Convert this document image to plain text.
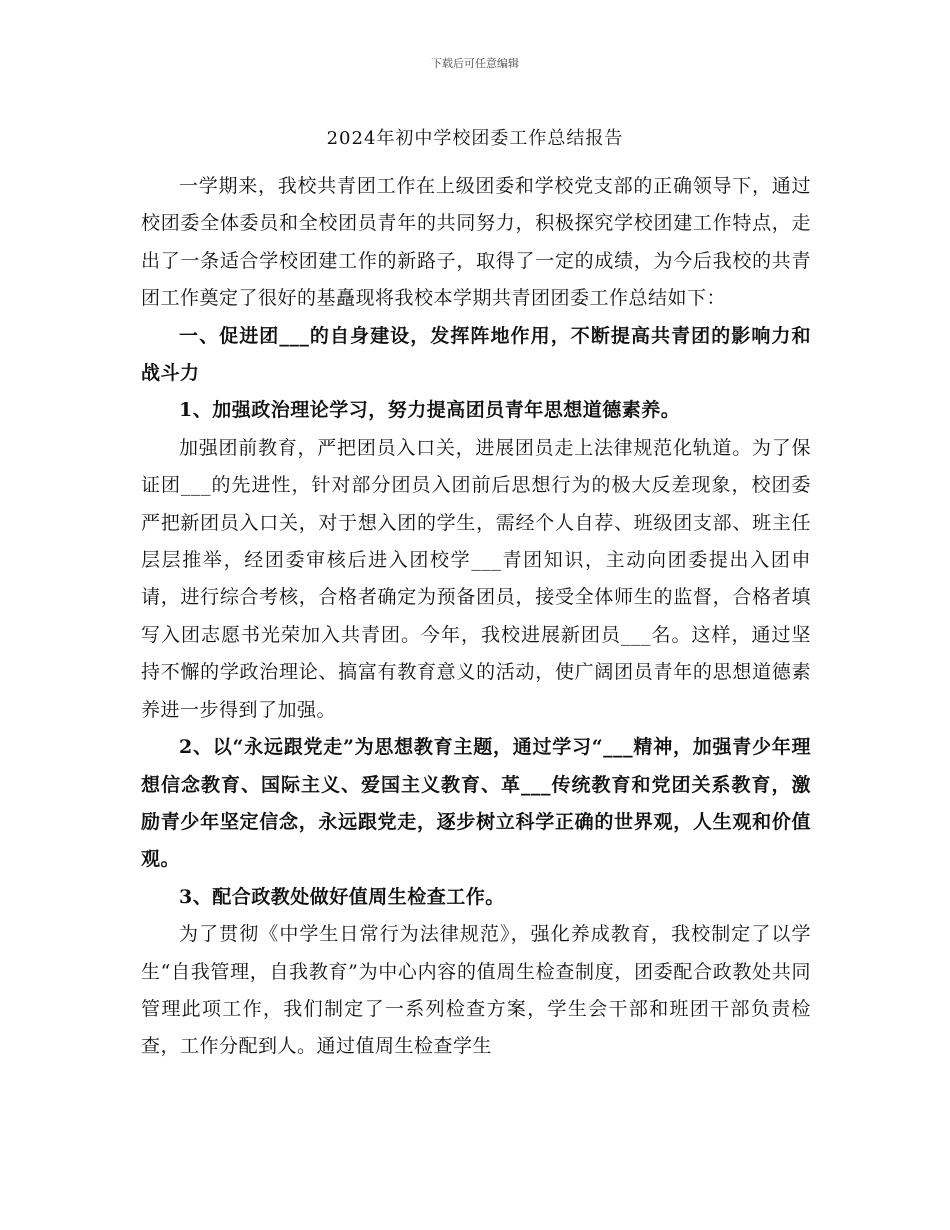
下载后可任意编辑
2024年初中学校团委工作总结报告

一学期来，我校共青团工作在上级团委和学校党支部的正确领导下，通过校团委全体委员和全校团员青年的共同努力，积极探究学校团建工作特点，走出了一条适合学校团建工作的新路子，取得了一定的成绩，为今后我校的共青团工作奠定了很好的基矗现将我校本学期共青团团委工作总结如下：

一、促进团___的自身建设，发挥阵地作用，不断提高共青团的影响力和战斗力

1、加强政治理论学习，努力提高团员青年思想道德素养。

加强团前教育，严把团员入口关，进展团员走上法律规范化轨道。为了保证团___的先进性，针对部分团员入团前后思想行为的极大反差现象，校团委严把新团员入口关，对于想入团的学生，需经个人自荐、班级团支部、班主任层层推举，经团委审核后进入团校学___青团知识，主动向团委提出入团申请，进行综合考核，合格者确定为预备团员，接受全体师生的监督，合格者填写入团志愿书光荣加入共青团。今年，我校进展新团员___名。这样，通过坚持不懈的学政治理论、搞富有教育意义的活动，使广阔团员青年的思想道德素养进一步得到了加强。

2、以“永远跟党走”为思想教育主题，通过学习“___精神，加强青少年理想信念教育、国际主义、爱国主义教育、革___传统教育和党团关系教育，激励青少年坚定信念，永远跟党走，逐步树立科学正确的世界观，人生观和价值观。

3、配合政教处做好值周生检查工作。

为了贯彻《中学生日常行为法律规范》，强化养成教育，我校制定了以学生“自我管理，自我教育”为中心内容的值周生检查制度，团委配合政教处共同管理此项工作，我们制定了一系列检查方案，学生会干部和班团干部负责检查，工作分配到人。通过值周生检查学生
